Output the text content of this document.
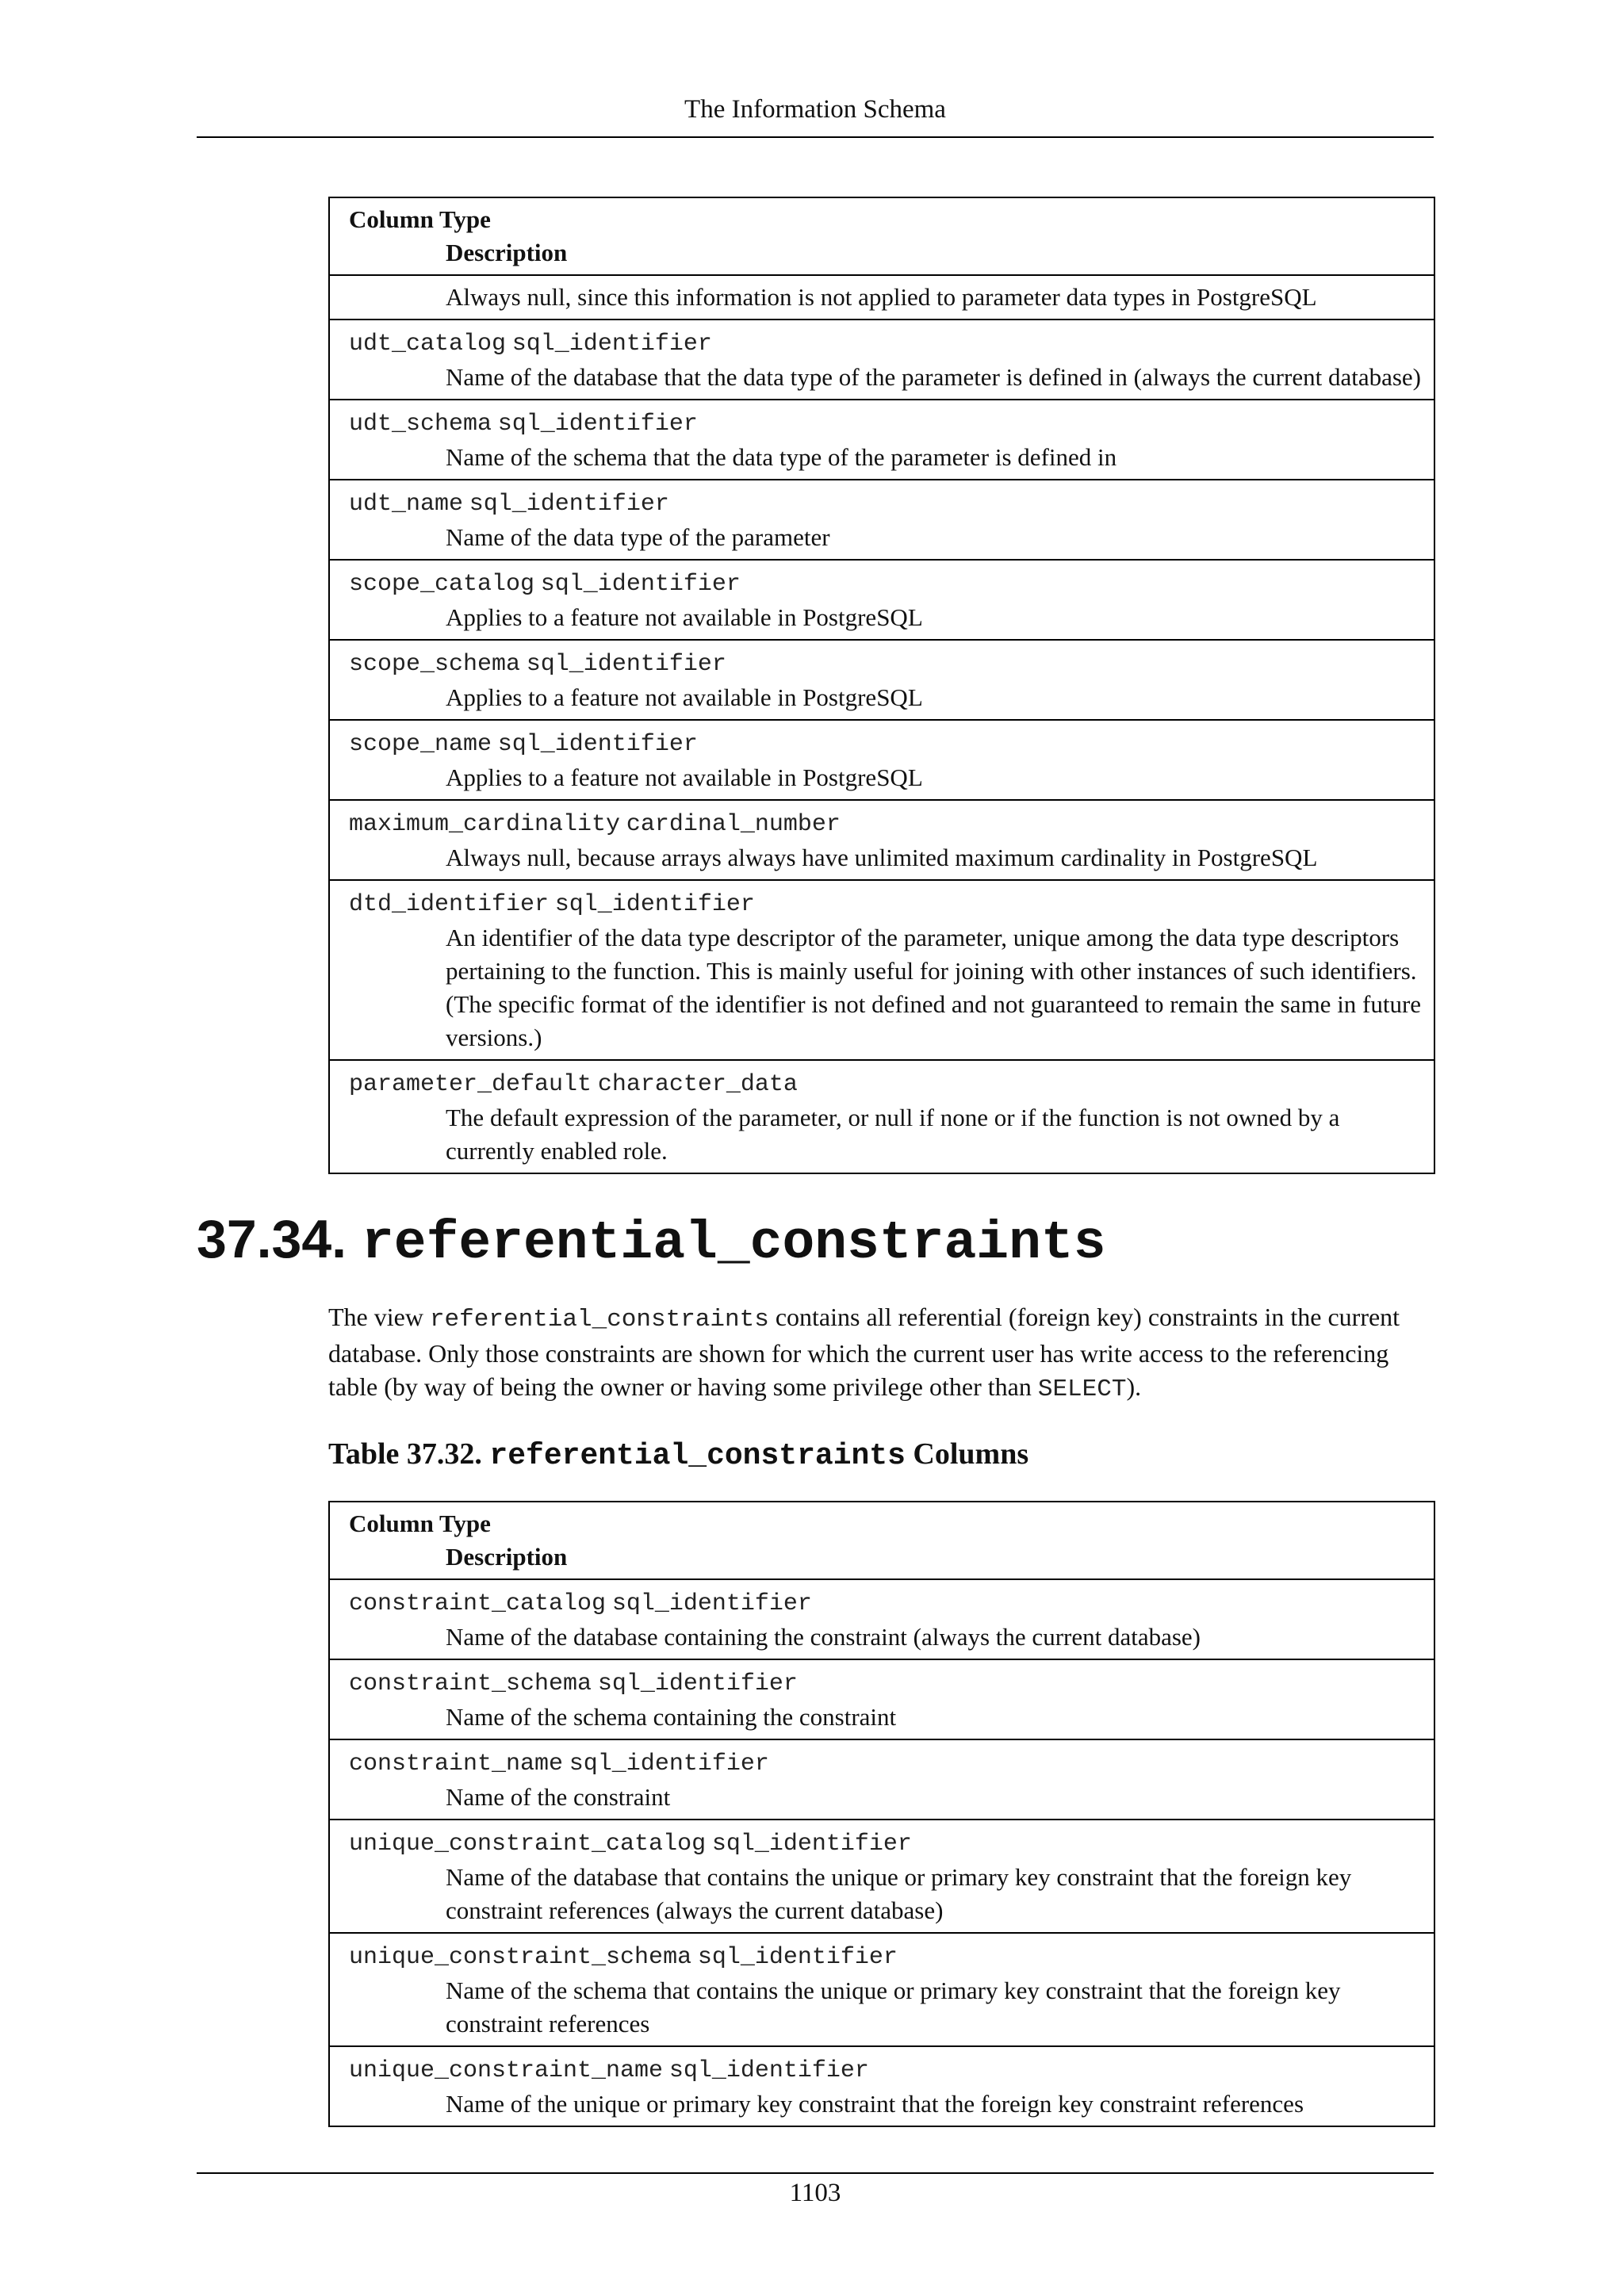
The Information Schema
Column Type
Description

Always null, since this information is not applied to parameter data types in PostgreSQL

udt_catalog sql_identifier
Name of the database that the data type of the parameter is defined in (always the current database)

udt_schema sql_identifier
Name of the schema that the data type of the parameter is defined in

udt_name sql_identifier
Name of the data type of the parameter

scope_catalog sql_identifier
Applies to a feature not available in PostgreSQL

scope_schema sql_identifier
Applies to a feature not available in PostgreSQL

scope_name sql_identifier
Applies to a feature not available in PostgreSQL

maximum_cardinality cardinal_number
Always null, because arrays always have unlimited maximum cardinality in PostgreSQL

dtd_identifier sql_identifier
An identifier of the data type descriptor of the parameter, unique among the data type descriptors pertaining to the function. This is mainly useful for joining with other instances of such identifiers. (The specific format of the identifier is not defined and not guaranteed to remain the same in future versions.)

parameter_default character_data
The default expression of the parameter, or null if none or if the function is not owned by a currently enabled role.
37.34. referential_constraints

The view referential_constraints contains all referential (foreign key) constraints in the current database. Only those constraints are shown for which the current user has write access to the referencing table (by way of being the owner or having some privilege other than SELECT).

Table 37.32. referential_constraints Columns
Column Type
Description

constraint_catalog sql_identifier
Name of the database containing the constraint (always the current database)

constraint_schema sql_identifier
Name of the schema containing the constraint

constraint_name sql_identifier
Name of the constraint

unique_constraint_catalog sql_identifier
Name of the database that contains the unique or primary key constraint that the foreign key constraint references (always the current database)

unique_constraint_schema sql_identifier
Name of the schema that contains the unique or primary key constraint that the foreign key constraint references

unique_constraint_name sql_identifier
Name of the unique or primary key constraint that the foreign key constraint references
1103
